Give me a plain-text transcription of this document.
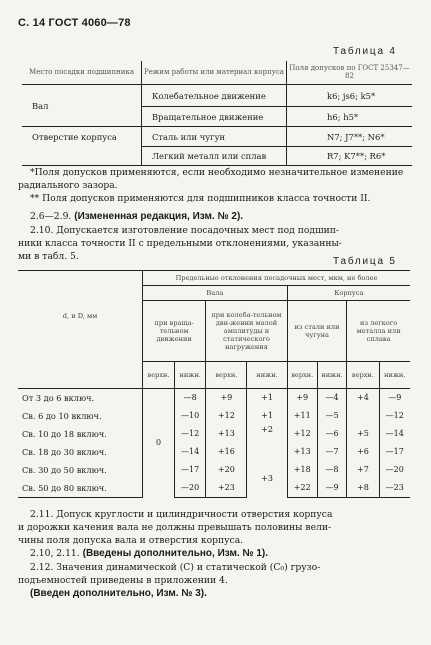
С. 14 ГОСТ 4060—78
Таблица 4
Место посадки подшипника	Режим работы или материал корпуса	Поля допусков по ГОСТ 25347—82
Вал	Колебательное движение	k6; js6; k5*
	Вращательное движение	h6; h5*
Отверстие корпуса	Сталь или чугун	N7; J7**; N6*
	Легкий металл или сплав	R7; K7**; R6*
*Поля допусков применяются, если необходимо незначительное изменение
радиального зазора.
** Поля допусков применяются для подшипников класса точности II.
2.6—2.9. (Измененная редакция, Изм. № 2).
2.10. Допускается изготовление посадочных мест под подшип-
ники класса точности II с предельными отклонениями, указанны-
ми в табл. 5.	Таблица 5
d, и D, мм	Предельные отклонения посадочных мест, мкм, не более							
	Вала				Корпуса			
	при враща-тельном движении		при колеба-тельном дви-жении малой амплитуды и статического нагружения		из стали или чугуна		из легкого металла или сплава	
	верхн.	нижн.	верхн.	нижн.	верхн.	нижн.	верхн.	нижн.
От 3 до 6 включ.	0	—8	+9	+1	+9	—4	+4	—9
Св. 6 до 10 включ.		—10	+12	+1	+11	—5		—12
Св. 10 до 18 включ.		—12	+13	+2	+12	—6	+5	—14
Св. 18 до 30 включ.		—14	+16		+13	—7	+6	—17
Св. 30 до 50 включ.		—17	+20	+3	+18	—8	+7	—20
Св. 50 до 80 включ.		—20	+23		+22	—9	+8	—23
2.11. Допуск круглости и цилиндричности отверстия корпуса
и дорожки качения вала не должны превышать половины вели-
чины поля допуска вала и отверстия корпуса.
2.10, 2.11. (Введены дополнительно, Изм. № 1).
2.12. Значения динамической (C) и статической (C₀) грузо-
подъемностей приведены в приложении 4.
(Введен дополнительно, Изм. № 3).
